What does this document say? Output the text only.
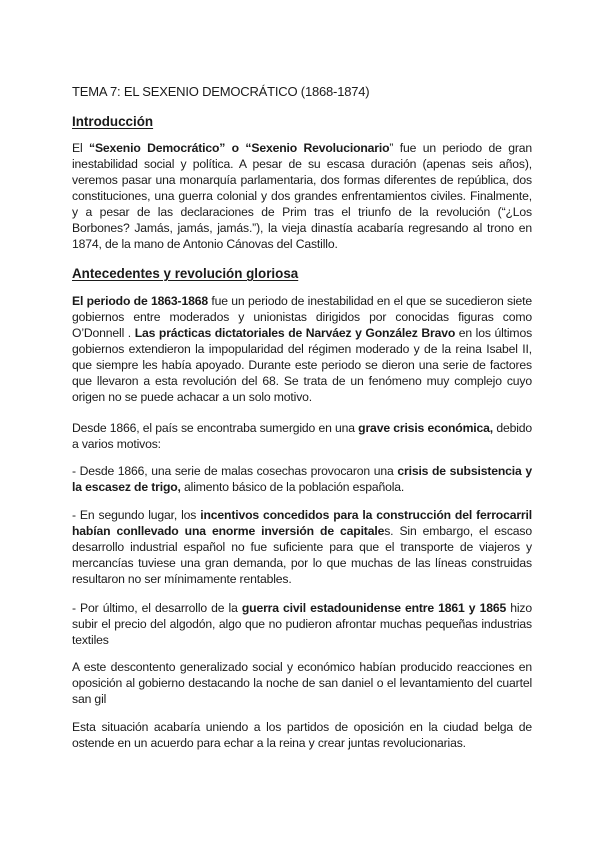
TEMA 7: EL SEXENIO DEMOCRÁTICO (1868-1874)
Introducción
El “Sexenio Democrático” o “Sexenio Revolucionario” fue un periodo de gran inestabilidad social y política. A pesar de su escasa duración (apenas seis años), veremos pasar una monarquía parlamentaria, dos formas diferentes de república, dos constituciones, una guerra colonial y dos grandes enfrentamientos civiles. Finalmente, y a pesar de las declaraciones de Prim tras el triunfo de la revolución (“¿Los Borbones? Jamás, jamás, jamás.”), la vieja dinastía acabaría regresando al trono en 1874, de la mano de Antonio Cánovas del Castillo.
Antecedentes y revolución gloriosa
El periodo de 1863-1868 fue un periodo de inestabilidad en el que se sucedieron siete gobiernos entre moderados y unionistas dirigidos por conocidas figuras como O’Donnell . Las prácticas dictatoriales de Narváez y González Bravo en los últimos gobiernos extendieron la impopularidad del régimen moderado y de la reina Isabel II, que siempre les había apoyado. Durante este periodo se dieron una serie de factores que llevaron a esta revolución del 68. Se trata de un fenómeno muy complejo cuyo origen no se puede achacar a un solo motivo.
Desde 1866, el país se encontraba sumergido en una grave crisis económica, debido a varios motivos:
- Desde 1866, una serie de malas cosechas provocaron una crisis de subsistencia y la escasez de trigo, alimento básico de la población española.
- En segundo lugar, los incentivos concedidos para la construcción del ferrocarril habían conllevado una enorme inversión de capitales. Sin embargo, el escaso desarrollo industrial español no fue suficiente para que el transporte de viajeros y mercancías tuviese una gran demanda, por lo que muchas de las líneas construidas resultaron no ser mínimamente rentables.
- Por último, el desarrollo de la guerra civil estadounidense entre 1861 y 1865 hizo subir el precio del algodón, algo que no pudieron afrontar muchas pequeñas industrias textiles
A este descontento generalizado social y económico habían producido reacciones en oposición al gobierno destacando la noche de san daniel o el levantamiento del cuartel san gil
Esta situación acabaría uniendo a los partidos de oposición en la ciudad belga de ostende en un acuerdo para echar a la reina y crear juntas revolucionarias.
